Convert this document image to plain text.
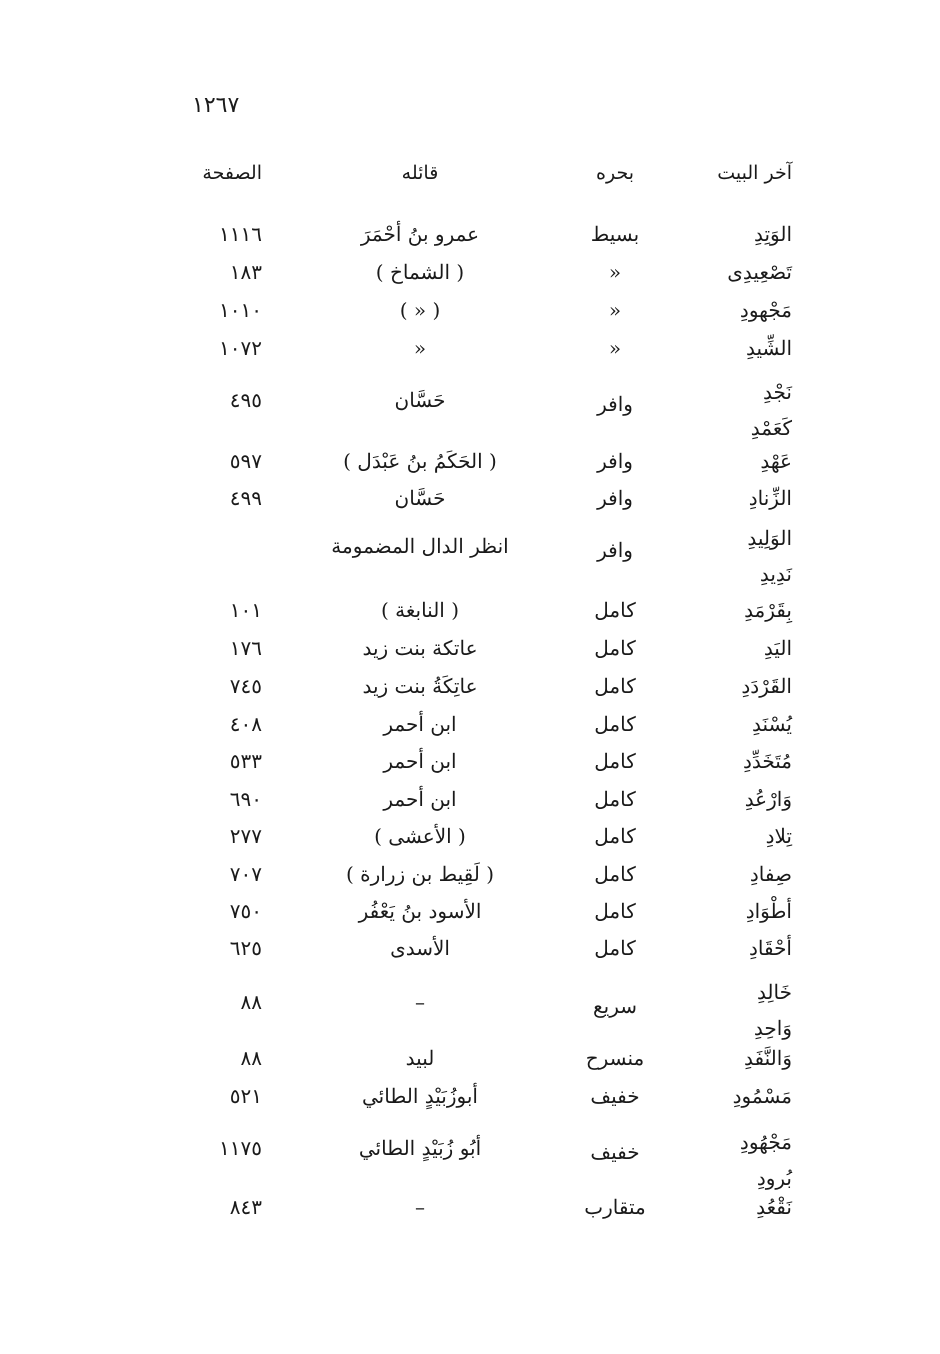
١٢٦٧
آخر البيت
بحره
قائله
الصفحة
الوَتِدِ
بسيط
عمرو بنُ أحْمَرَ
١١١٦
تَصْعِيدِى
»
( الشماخ )
١٨٣
مَجْهودِ
»
( » )
١٠١٠
الشِّيدِ
»
»
١٠٧٢
نَجْدِ
وافر
حَسَّان
٤٩٥
كَعَمْدِ
عَهْدِ
وافر
( الحَكَمُ بنُ عَبْدَل )
٥٩٧
الزِّنادِ
وافر
حَسَّان
٤٩٩
الوَلِيدِ
وافر
انظر الدال المضمومة
نَدِيدِ
بِقَرْمَدِ
كامل
( النابغة )
١٠١
اليَدِ
كامل
عاتكة بنت زيد
١٧٦
القَرْدَدِ
كامل
عاتِكَةُ بنت زيد
٧٤٥
يُسْنَدِ
كامل
ابن أحمر
٤٠٨
مُتَخَدِّدِ
كامل
ابن أحمر
٥٣٣
وَارْعُدِ
كامل
ابن أحمر
٦٩٠
تِلادِ
كامل
( الأعشى )
٢٧٧
صِفادِ
كامل
( لَقِيط بن زرارة )
٧٠٧
أطْوَادِ
كامل
الأسود بنُ يَعْفُر
٧٥٠
أحْقَادِ
كامل
الأسدى
٦٢٥
خَالِدِ
سريع
–
٨٨
وَاحِدِ
وَالنَّفَدِ
منسرح
لبيد
٨٨
مَسْمُودِ
خفيف
أبوزُبَيْدٍ الطائي
٥٢١
مَجْهُودِ
خفيف
أبُو زُبَيْدٍ الطائي
١١٧٥
بُرودِ
نَقْعُدِ
متقارب
–
٨٤٣
